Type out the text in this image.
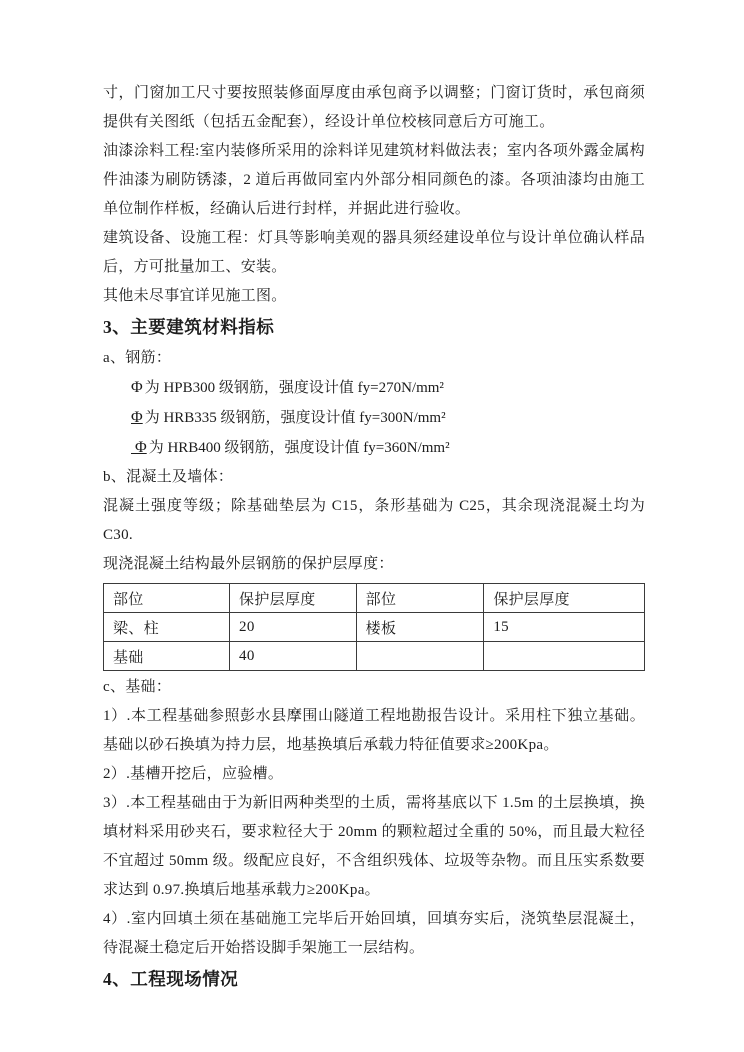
寸，门窗加工尺寸要按照装修面厚度由承包商予以调整；门窗订货时，承包商须提供有关图纸（包括五金配套），经设计单位校核同意后方可施工。

油漆涂料工程:室内装修所采用的涂料详见建筑材料做法表；室内各项外露金属构件油漆为刷防锈漆，2 道后再做同室内外部分相同颜色的漆。各项油漆均由施工单位制作样板，经确认后进行封样，并据此进行验收。

建筑设备、设施工程：灯具等影响美观的器具须经建设单位与设计单位确认样品后，方可批量加工、安装。

其他未尽事宜详见施工图。

3、主要建筑材料指标

a、钢筋：

Φ 为 HPB300 级钢筋，强度设计值 fy=270N/mm²

Φ 为 HRB335 级钢筋，强度设计值 fy=300N/mm²

Φ 为 HRB400 级钢筋，强度设计值 fy=360N/mm²

b、混凝土及墙体：

混凝土强度等级；除基础垫层为 C15，条形基础为 C25，其余现浇混凝土均为 C30.

现浇混凝土结构最外层钢筋的保护层厚度：

部位	保护层厚度	部位	保护层厚度
梁、柱	20	楼板	15
基础	40		

c、基础：

1）.本工程基础参照彭水县摩围山隧道工程地勘报告设计。采用柱下独立基础。基础以砂石换填为持力层，地基换填后承载力特征值要求≥200Kpa。

2）.基槽开挖后，应验槽。

3）.本工程基础由于为新旧两种类型的土质，需将基底以下 1.5m 的土层换填，换填材料采用砂夹石，要求粒径大于 20mm 的颗粒超过全重的 50%，而且最大粒径不宜超过 50mm 级。级配应良好，不含组织残体、垃圾等杂物。而且压实系数要求达到 0.97.换填后地基承载力≥200Kpa。

4）.室内回填土须在基础施工完毕后开始回填，回填夯实后，浇筑垫层混凝土，待混凝土稳定后开始搭设脚手架施工一层结构。

4、工程现场情况
